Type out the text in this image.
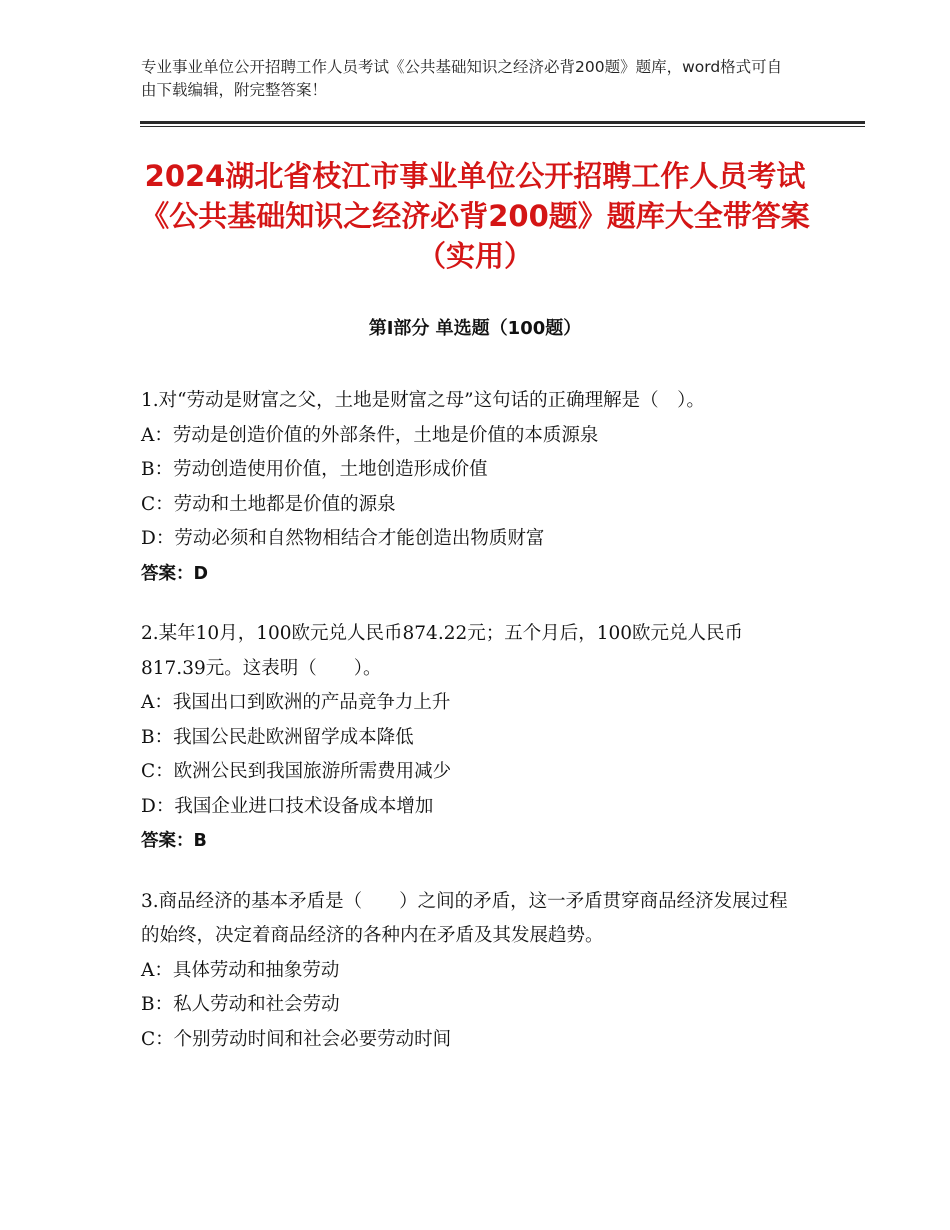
专业事业单位公开招聘工作人员考试《公共基础知识之经济必背200题》题库，word格式可自由下载编辑，附完整答案！

2024湖北省枝江市事业单位公开招聘工作人员考试《公共基础知识之经济必背200题》题库大全带答案（实用）
第I部分 单选题（100题）

1.对“劳动是财富之父，土地是财富之母”这句话的正确理解是（　）。

A：劳动是创造价值的外部条件，土地是价值的本质源泉

B：劳动创造使用价值，土地创造形成价值

C：劳动和土地都是价值的源泉

D：劳动必须和自然物相结合才能创造出物质财富

答案：D

2.某年10月，100欧元兑人民币874.22元；五个月后，100欧元兑人民币817.39元。这表明（　　）。

A：我国出口到欧洲的产品竞争力上升

B：我国公民赴欧洲留学成本降低

C：欧洲公民到我国旅游所需费用减少

D：我国企业进口技术设备成本增加

答案：B

3.商品经济的基本矛盾是（　　）之间的矛盾，这一矛盾贯穿商品经济发展过程的始终，决定着商品经济的各种内在矛盾及其发展趋势。

A：具体劳动和抽象劳动

B：私人劳动和社会劳动

C：个别劳动时间和社会必要劳动时间
